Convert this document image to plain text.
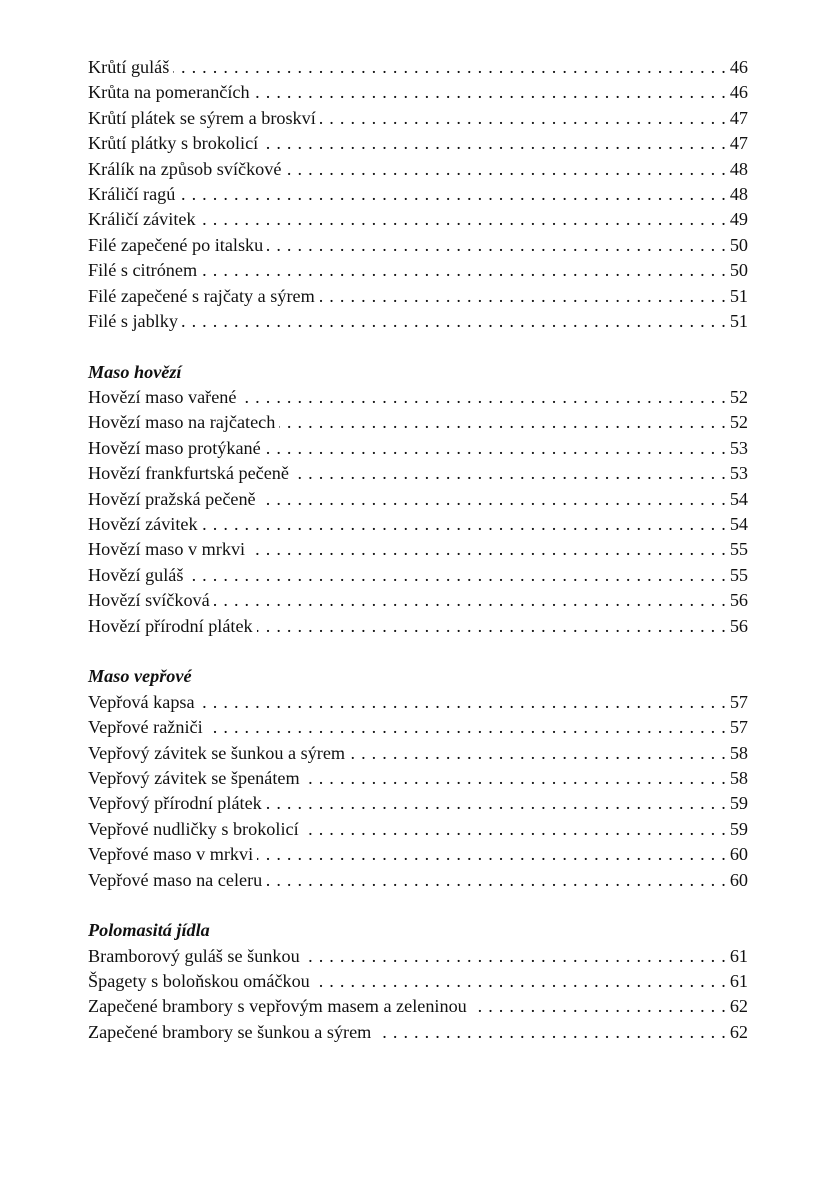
Krůtí guláš . . .	46
Krůta na pomerančích . . .	46
Krůtí plátek se sýrem a broskví . . .	47
Krůtí plátky s brokolicí . . .	47
Králík na způsob svíčkové . . .	48
Králičí ragú . . .	48
Králičí závitek . . .	49
Filé zapečené po italsku . . .	50
Filé s citrónem . . .	50
Filé zapečené s rajčaty a sýrem . . .	51
Filé s jablky . . .	51
Maso hovězí
Hovězí maso vařené . . .	52
Hovězí maso na rajčatech . . .	52
Hovězí maso protýkané . . .	53
Hovězí frankfurtská pečeně . . .	53
Hovězí pražská pečeně . . .	54
Hovězí závitek . . .	54
Hovězí maso v mrkvi . . .	55
Hovězí guláš . . .	55
Hovězí svíčková . . .	56
Hovězí přírodní plátek . . .	56
Maso vepřové
Vepřová kapsa . . .	57
Vepřové ražniči . . .	57
Vepřový závitek se šunkou a sýrem . . .	58
Vepřový závitek se špenátem . . .	58
Vepřový přírodní plátek . . .	59
Vepřové nudličky s brokolicí . . .	59
Vepřové maso v mrkvi . . .	60
Vepřové maso na celeru . . .	60
Polomasitá jídla
Bramborový guláš se šunkou . . .	61
Špagety s boloňskou omáčkou . . .	61
Zapečené brambory s vepřovým masem a zeleninou . . .	62
Zapečené brambory se šunkou a sýrem . . .	62
